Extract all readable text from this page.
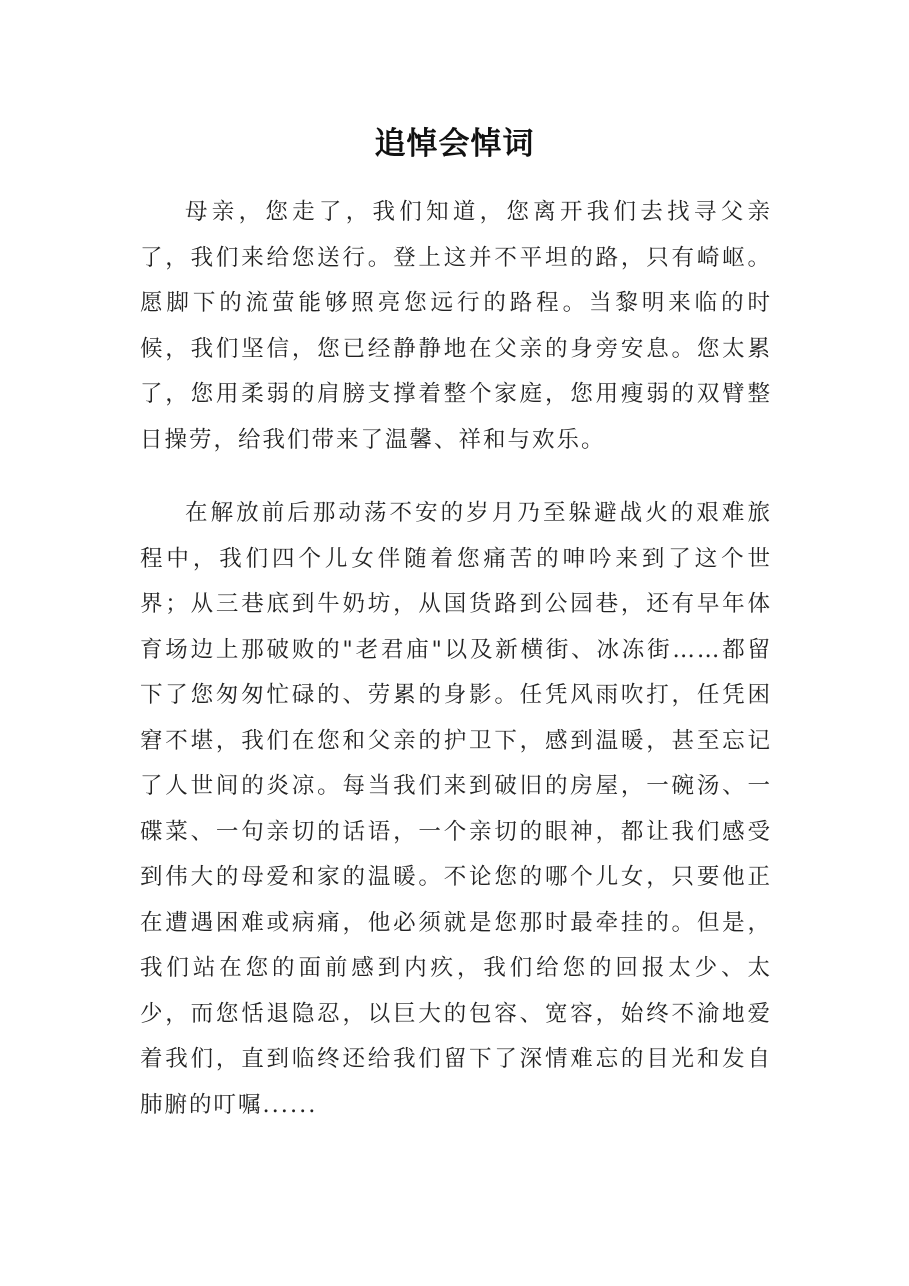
追悼会悼词

母亲，您走了，我们知道，您离开我们去找寻父亲了，我们来给您送行。登上这并不平坦的路，只有崎岖。愿脚下的流萤能够照亮您远行的路程。当黎明来临的时候，我们坚信，您已经静静地在父亲的身旁安息。您太累了，您用柔弱的肩膀支撑着整个家庭，您用瘦弱的双臂整日操劳，给我们带来了温馨、祥和与欢乐。

在解放前后那动荡不安的岁月乃至躲避战火的艰难旅程中，我们四个儿女伴随着您痛苦的呻吟来到了这个世界；从三巷底到牛奶坊，从国货路到公园巷，还有早年体育场边上那破败的"老君庙"以及新横街、冰冻街……都留下了您匆匆忙碌的、劳累的身影。任凭风雨吹打，任凭困窘不堪，我们在您和父亲的护卫下，感到温暖，甚至忘记了人世间的炎凉。每当我们来到破旧的房屋，一碗汤、一碟菜、一句亲切的话语，一个亲切的眼神，都让我们感受到伟大的母爱和家的温暖。不论您的哪个儿女，只要他正在遭遇困难或病痛，他必须就是您那时最牵挂的。但是，我们站在您的面前感到内疚，我们给您的回报太少、太少，而您恬退隐忍，以巨大的包容、宽容，始终不渝地爱着我们，直到临终还给我们留下了深情难忘的目光和发自肺腑的叮嘱......
